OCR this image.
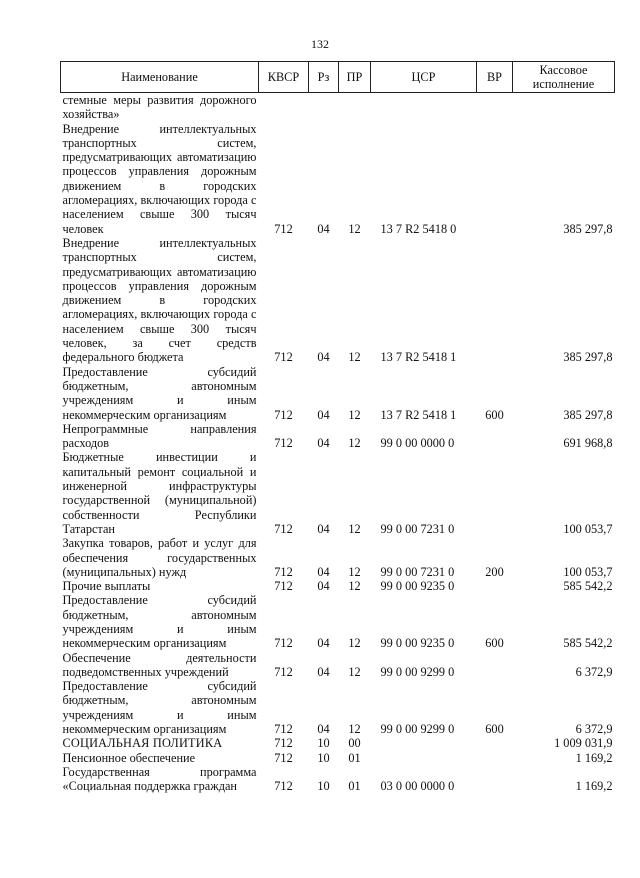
132
Наименование	КВСР	Рз	ПР	ЦСР	ВР	Кассовое исполнение
стемные меры развития дорожного хозяйства»						
Внедрение интеллектуальных транспортных систем, предусматривающих автоматизацию процессов управления дорожным движением в городских агломерациях, включающих города с населением свыше 300 тысяч человек	712	04	12	13 7 R2 5418 0		385 297,8
Внедрение интеллектуальных транспортных систем, предусматривающих автоматизацию процессов управления дорожным движением в городских агломерациях, включающих города с населением свыше 300 тысяч человек, за счет средств федерального бюджета	712	04	12	13 7 R2 5418 1		385 297,8
Предоставление субсидий бюджетным, автономным учреждениям и иным некоммерческим организациям	712	04	12	13 7 R2 5418 1	600	385 297,8
Непрограммные направления расходов	712	04	12	99 0 00 0000 0		691 968,8
Бюджетные инвестиции и капитальный ремонт социальной и инженерной инфраструктуры государственной (муниципальной) собственности Республики Татарстан	712	04	12	99 0 00 7231 0		100 053,7
Закупка товаров, работ и услуг для обеспечения государственных (муниципальных) нужд	712	04	12	99 0 00 7231 0	200	100 053,7
Прочие выплаты	712	04	12	99 0 00 9235 0		585 542,2
Предоставление субсидий бюджетным, автономным учреждениям и иным некоммерческим организациям	712	04	12	99 0 00 9235 0	600	585 542,2
Обеспечение деятельности подведомственных учреждений	712	04	12	99 0 00 9299 0		6 372,9
Предоставление субсидий бюджетным, автономным учреждениям и иным некоммерческим организациям	712	04	12	99 0 00 9299 0	600	6 372,9
СОЦИАЛЬНАЯ ПОЛИТИКА	712	10	00			1 009 031,9
Пенсионное обеспечение	712	10	01			1 169,2
Государственная программа «Социальная поддержка граждан	712	10	01	03 0 00 0000 0		1 169,2
